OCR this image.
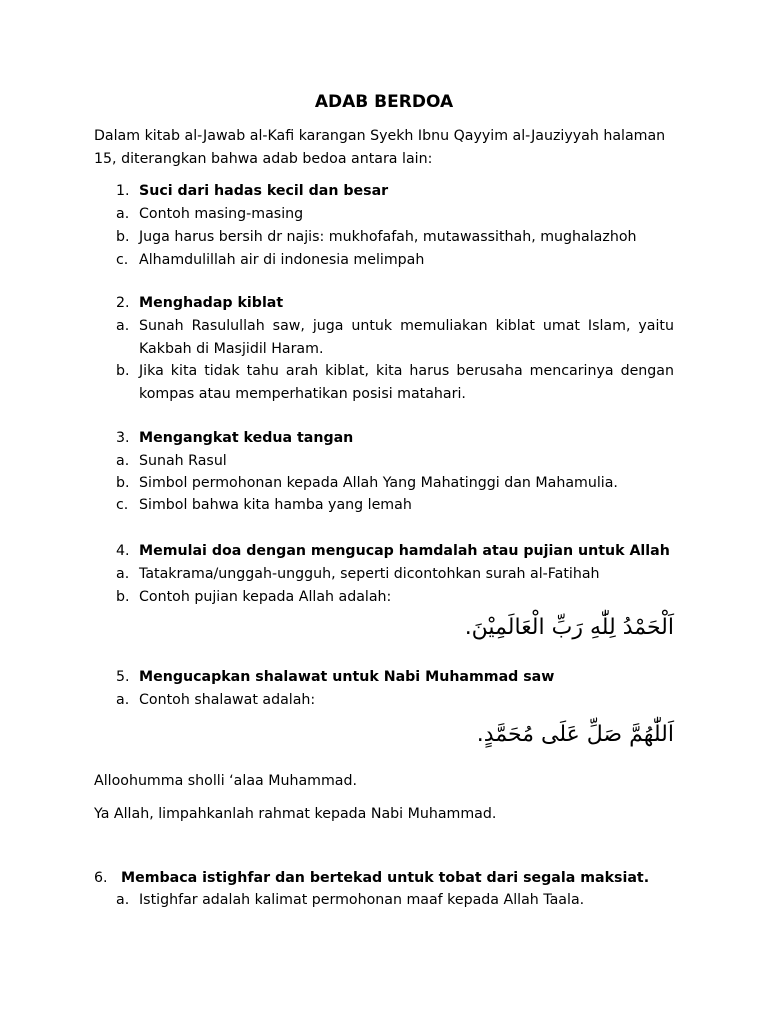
ADAB BERDOA
Dalam kitab al-Jawab al-Kafi karangan Syekh Ibnu Qayyim al-Jauziyyah halaman
15, diterangkan bahwa adab bedoa antara lain:
1. Suci dari hadas kecil dan besar
a. Contoh masing-masing
b. Juga harus bersih dr najis: mukhofafah, mutawassithah, mughalazhoh
c. Alhamdulillah air di indonesia melimpah
2. Menghadap kiblat
a. Sunah Rasulullah saw, juga untuk memuliakan kiblat umat Islam, yaitu
Kakbah di Masjidil Haram.
b. Jika kita tidak tahu arah kiblat, kita harus berusaha mencarinya dengan
kompas atau memperhatikan posisi matahari.
3. Mengangkat kedua tangan
a. Sunah Rasul
b. Simbol permohonan kepada Allah Yang Mahatinggi dan Mahamulia.
c. Simbol bahwa kita hamba yang lemah
4. Memulai doa dengan mengucap hamdalah atau pujian untuk Allah
a. Tatakrama/unggah-ungguh, seperti dicontohkan surah al-Fatihah
b. Contoh pujian kepada Allah adalah:
اَلْحَمْدُ لِلّٰهِ رَبِّ الْعَالَمِيْنَ.
5. Mengucapkan shalawat untuk Nabi Muhammad saw
a. Contoh shalawat adalah:
اَللّٰهُمَّ صَلِّ عَلَى مُحَمَّدٍ.
Alloohumma sholli ‘alaa Muhammad.
Ya Allah, limpahkanlah rahmat kepada Nabi Muhammad.
6. Membaca istighfar dan bertekad untuk tobat dari segala maksiat.
a. Istighfar adalah kalimat permohonan maaf kepada Allah Taala.
